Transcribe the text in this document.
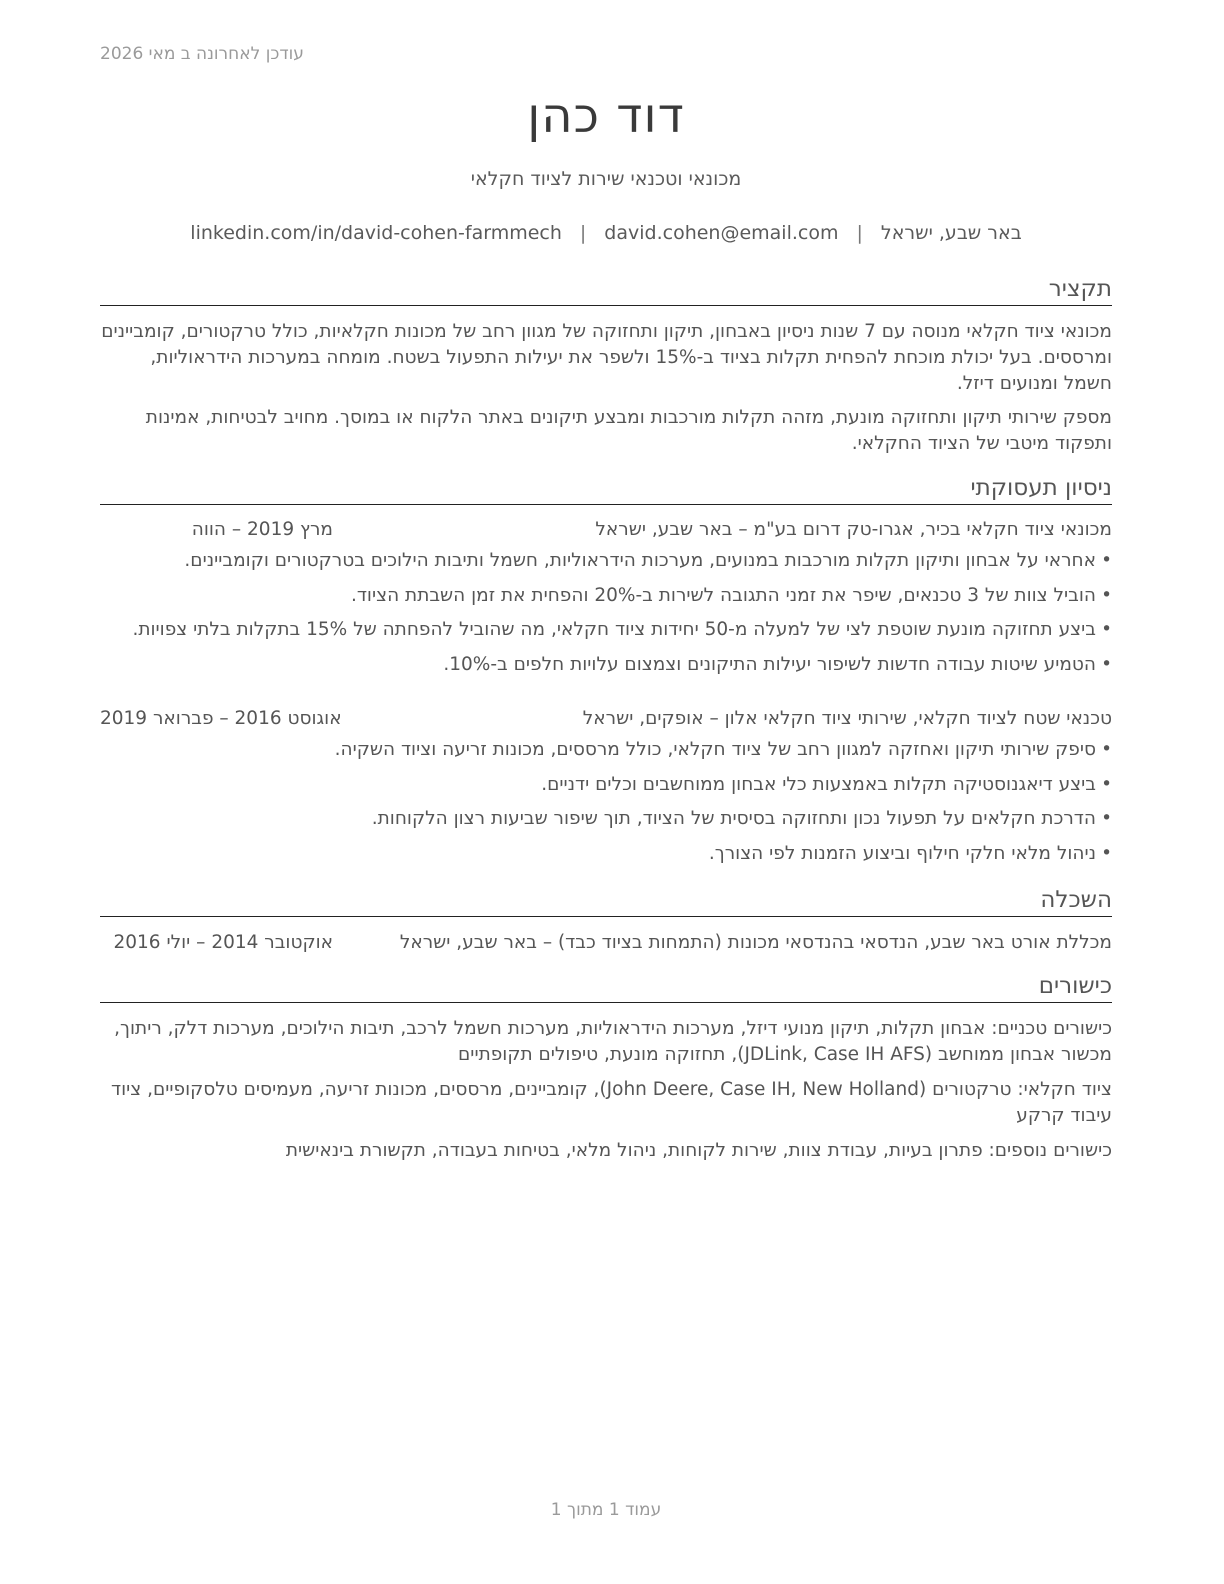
עודכן לאחרונה ב מאי 2026
דוד כהן
מכונאי וטכנאי שירות לציוד חקלאי
באר שבע, ישראל
|
david.cohen@email.com
|
linkedin.com/in/david-cohen-farmmech
תקציר

מכונאי ציוד חקלאי מנוסה עם 7 שנות ניסיון באבחון, תיקון ותחזוקה של מגוון רחב של מכונות חקלאיות, כולל טרקטורים, קומביינים ומרססים. בעל יכולת מוכחת להפחית תקלות בציוד ב-15% ולשפר את יעילות התפעול בשטח. מומחה במערכות הידראוליות, חשמל ומנועים דיזל.

מספק שירותי תיקון ותחזוקה מונעת, מזהה תקלות מורכבות ומבצע תיקונים באתר הלקוח או במוסך. מחויב לבטיחות, אמינות ותפקוד מיטבי של הציוד החקלאי.

ניסיון תעסוקתי
מכונאי ציוד חקלאי בכיר, אגרו-טק דרום בע"מ – באר שבע, ישראל
מרץ 2019 – הווה
•
אחראי על אבחון ותיקון תקלות מורכבות במנועים, מערכות הידראוליות, חשמל ותיבות הילוכים בטרקטורים וקומביינים.
•
הוביל צוות של 3 טכנאים, שיפר את זמני התגובה לשירות ב-20% והפחית את זמן השבתת הציוד.
•
ביצע תחזוקה מונעת שוטפת לצי של למעלה מ-50 יחידות ציוד חקלאי, מה שהוביל להפחתה של 15% בתקלות בלתי צפויות.
•
הטמיע שיטות עבודה חדשות לשיפור יעילות התיקונים וצמצום עלויות חלפים ב-10%.
טכנאי שטח לציוד חקלאי, שירותי ציוד חקלאי אלון – אופקים, ישראל
אוגוסט 2016 – פברואר 2019
•
סיפק שירותי תיקון ואחזקה למגוון רחב של ציוד חקלאי, כולל מרססים, מכונות זריעה וציוד השקיה.
•
ביצע דיאגנוסטיקה תקלות באמצעות כלי אבחון ממוחשבים וכלים ידניים.
•
הדרכת חקלאים על תפעול נכון ותחזוקה בסיסית של הציוד, תוך שיפור שביעות רצון הלקוחות.
•
ניהול מלאי חלקי חילוף וביצוע הזמנות לפי הצורך.
השכלה
מכללת אורט באר שבע, הנדסאי בהנדסאי מכונות (התמחות בציוד כבד) – באר שבע, ישראל
אוקטובר 2014 – יולי 2016
כישורים

כישורים טכניים: אבחון תקלות, תיקון מנועי דיזל, מערכות הידראוליות, מערכות חשמל לרכב, תיבות הילוכים, מערכות דלק, ריתוך, מכשור אבחון ממוחשב (JDLink, Case IH AFS), תחזוקה מונעת, טיפולים תקופתיים

ציוד חקלאי: טרקטורים (John Deere, Case IH, New Holland), קומביינים, מרססים, מכונות זריעה, מעמיסים טלסקופיים, ציוד עיבוד קרקע

כישורים נוספים: פתרון בעיות, עבודת צוות, שירות לקוחות, ניהול מלאי, בטיחות בעבודה, תקשורת בינאישית

עמוד 1 מתוך 1
